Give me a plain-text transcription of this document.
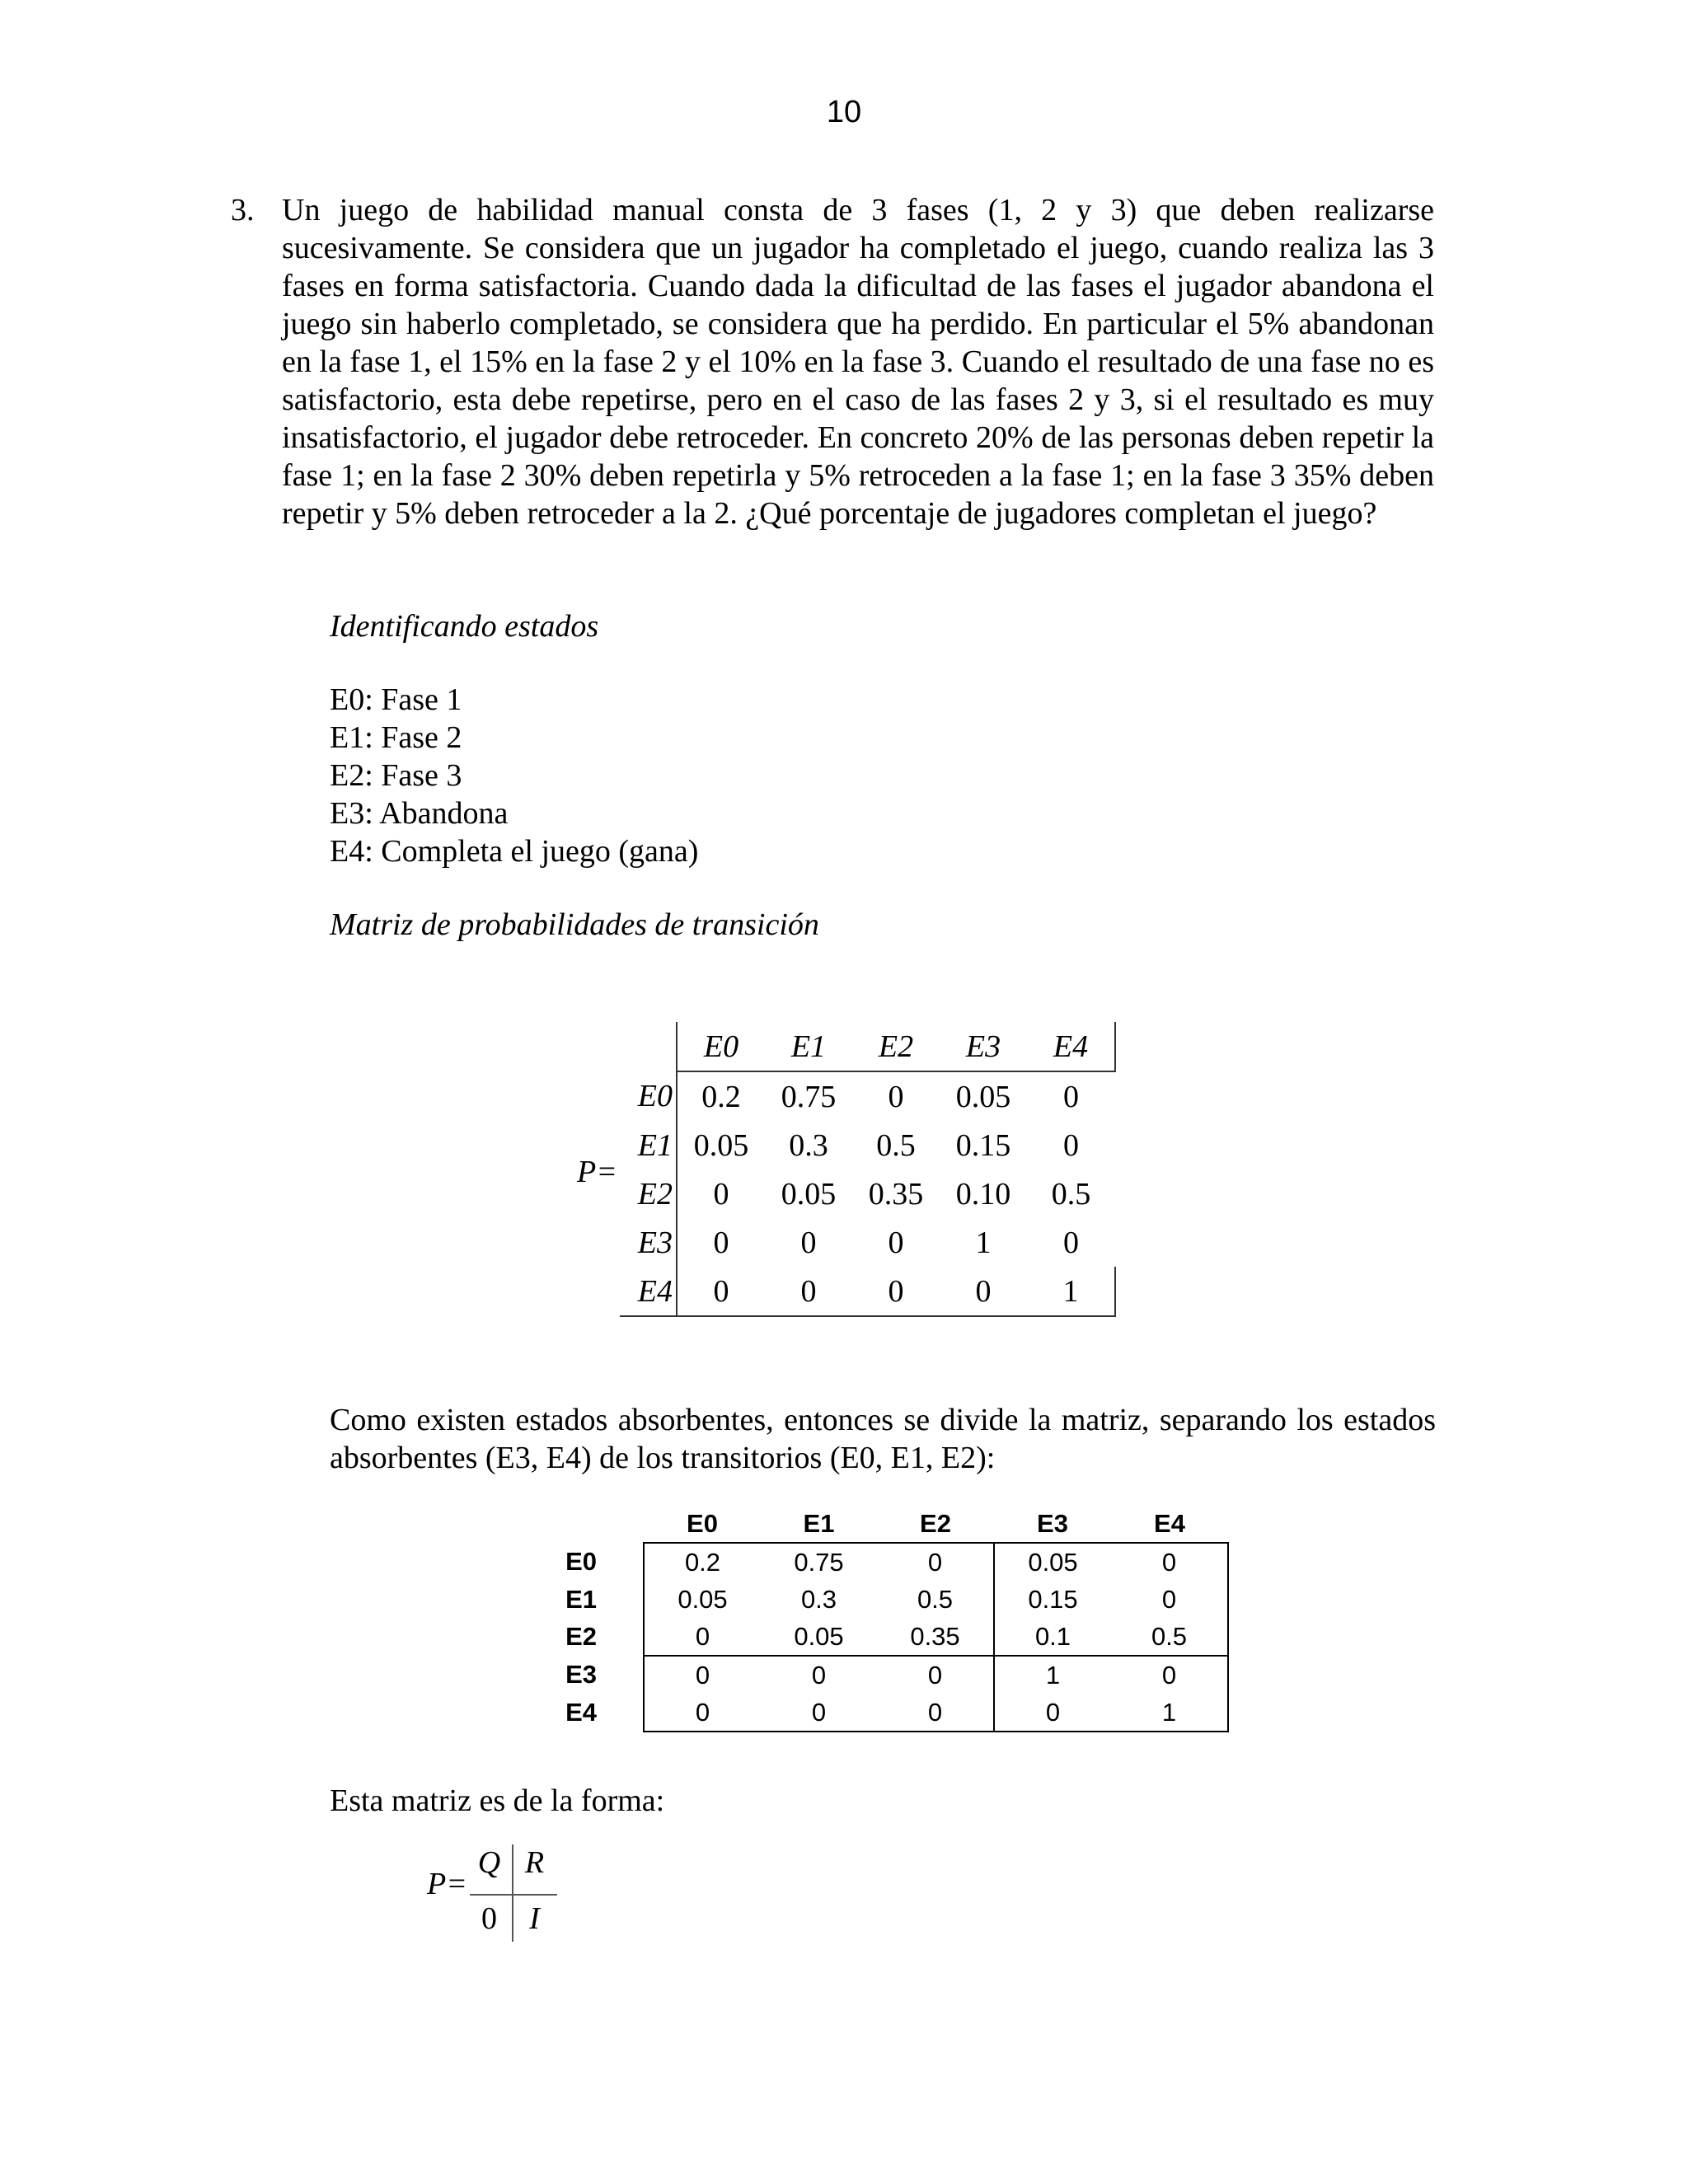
10
3. Un juego de habilidad manual consta de 3 fases (1, 2 y 3) que deben realizarse sucesivamente. Se considera que un jugador ha completado el juego, cuando realiza las 3 fases en forma satisfactoria. Cuando dada la dificultad de las fases el jugador abandona el juego sin haberlo completado, se considera que ha perdido. En particular el 5% abandonan en la fase 1, el 15% en la fase 2 y el 10% en la fase 3. Cuando el resultado de una fase no es satisfactorio, esta debe repetirse, pero en el caso de las fases 2 y 3, si el resultado es muy insatisfactorio, el jugador debe retroceder. En concreto 20% de las personas deben repetir la fase 1; en la fase 2 30% deben repetirla y 5% retroceden a la fase 1; en la fase 3 35% deben repetir y 5% deben retroceder a la 2. ¿Qué porcentaje de jugadores completan el juego?

Identificando estados
E0: Fase 1
E1: Fase 2
E2: Fase 3
E3: Abandona
E4: Completa el juego (gana)
Matriz de probabilidades de transición
P=
	E0	E1	E2	E3	E4
E0	0.2	0.75	0	0.05	0
E1	0.05	0.3	0.5	0.15	0
E2	0	0.05	0.35	0.10	0.5
E3	0	0	0	1	0
E4	0	0	0	0	1

Como existen estados absorbentes, entonces se divide la matriz, separando los estados absorbentes (E3, E4) de los transitorios (E0, E1, E2):

	E0	E1	E2	E3	E4
E0	0.2	0.75	0	0.05	0
E1	0.05	0.3	0.5	0.15	0
E2	0	0.05	0.35	0.1	0.5
E3	0	0	0	1	0
E4	0	0	0	0	1

Esta matriz es de la forma:

P=
Q R
0	I
